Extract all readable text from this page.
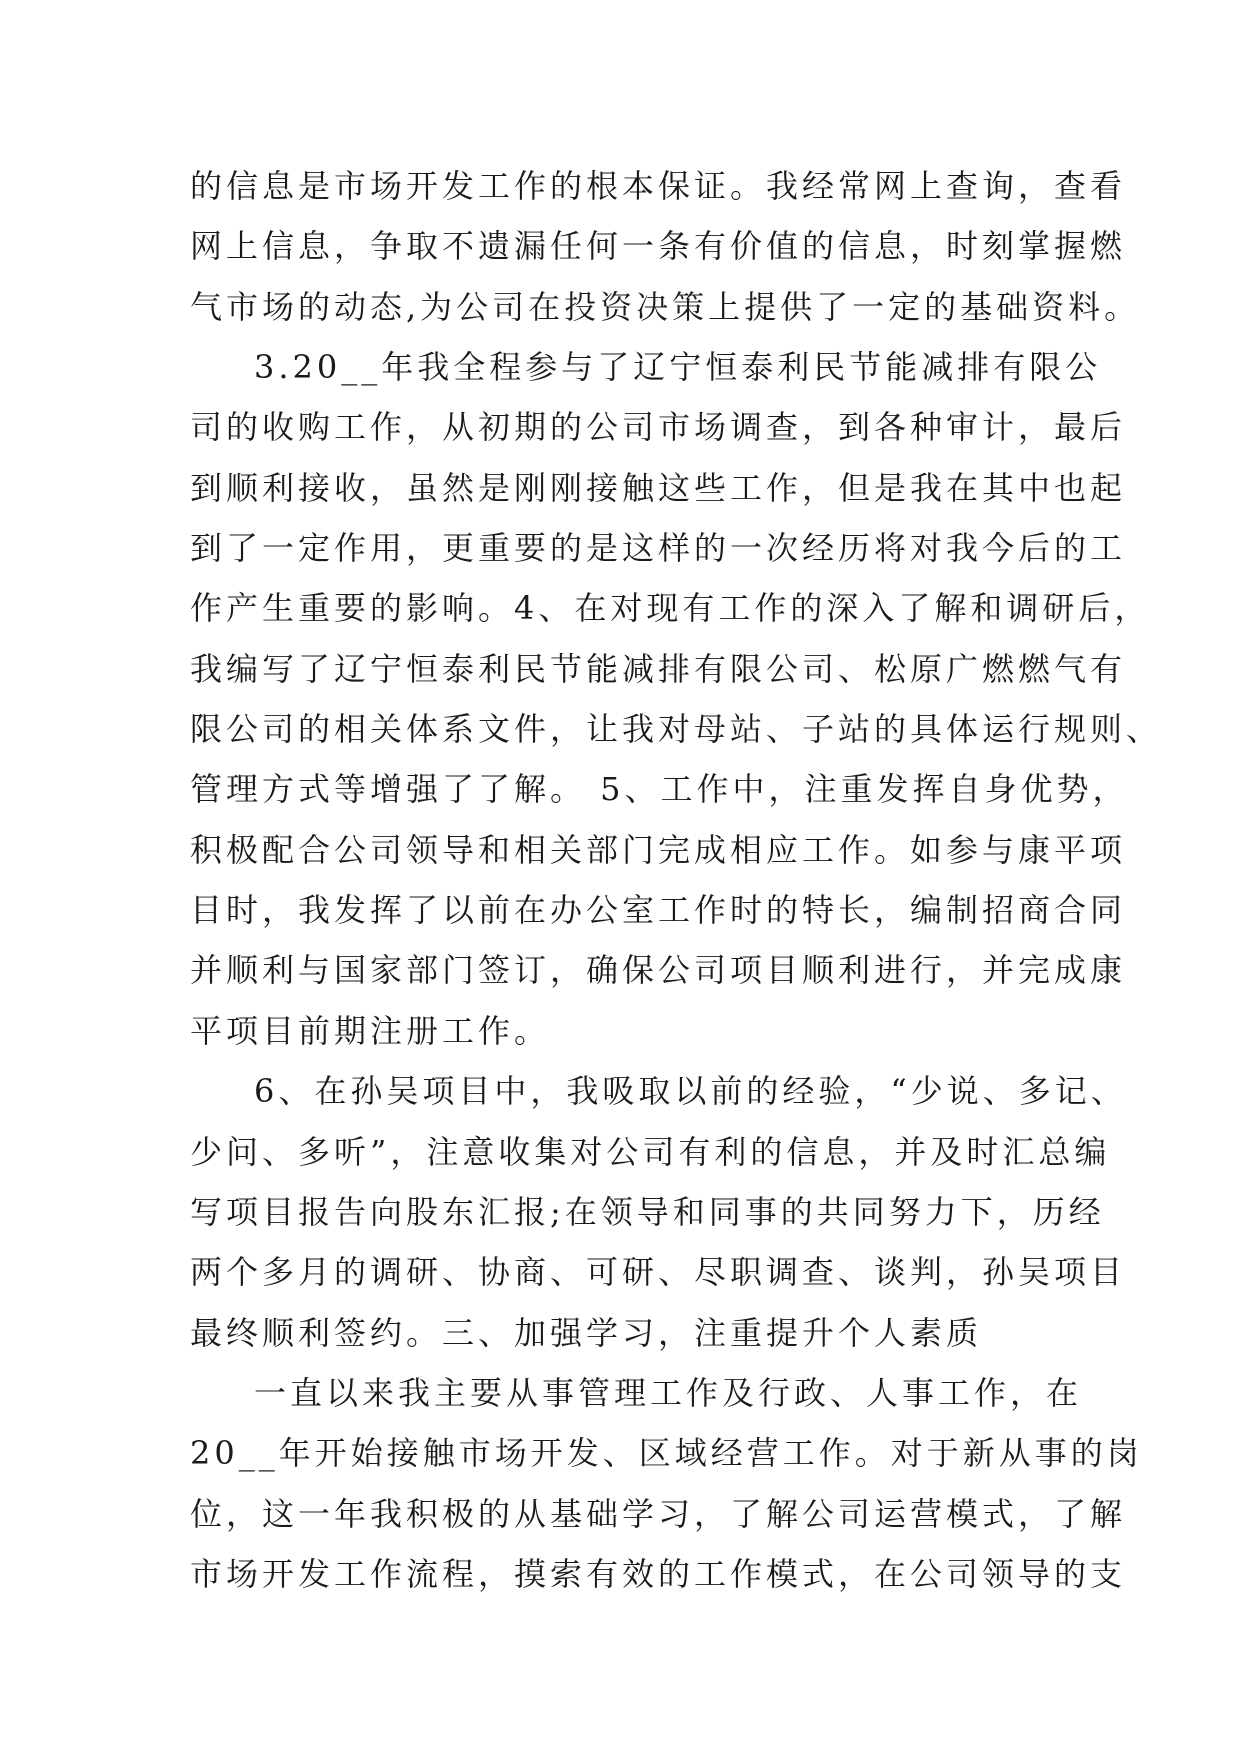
的信息是市场开发工作的根本保证。我经常网上查询，查看
网上信息，争取不遗漏任何一条有价值的信息，时刻掌握燃
气市场的动态,为公司在投资决策上提供了一定的基础资料。
3.20__年我全程参与了辽宁恒泰利民节能减排有限公
司的收购工作，从初期的公司市场调查，到各种审计，最后
到顺利接收，虽然是刚刚接触这些工作，但是我在其中也起
到了一定作用，更重要的是这样的一次经历将对我今后的工
作产生重要的影响。4、在对现有工作的深入了解和调研后，
我编写了辽宁恒泰利民节能减排有限公司、松原广燃燃气有
限公司的相关体系文件，让我对母站、子站的具体运行规则、
管理方式等增强了了解。 5、工作中，注重发挥自身优势，
积极配合公司领导和相关部门完成相应工作。如参与康平项
目时，我发挥了以前在办公室工作时的特长，编制招商合同
并顺利与国家部门签订，确保公司项目顺利进行，并完成康
平项目前期注册工作。
6、在孙吴项目中，我吸取以前的经验，“少说、多记、
少问、多听”，注意收集对公司有利的信息，并及时汇总编
写项目报告向股东汇报;在领导和同事的共同努力下，历经
两个多月的调研、协商、可研、尽职调查、谈判，孙吴项目
最终顺利签约。三、加强学习，注重提升个人素质
一直以来我主要从事管理工作及行政、人事工作，在
20__年开始接触市场开发、区域经营工作。对于新从事的岗
位，这一年我积极的从基础学习，了解公司运营模式，了解
市场开发工作流程，摸索有效的工作模式，在公司领导的支
